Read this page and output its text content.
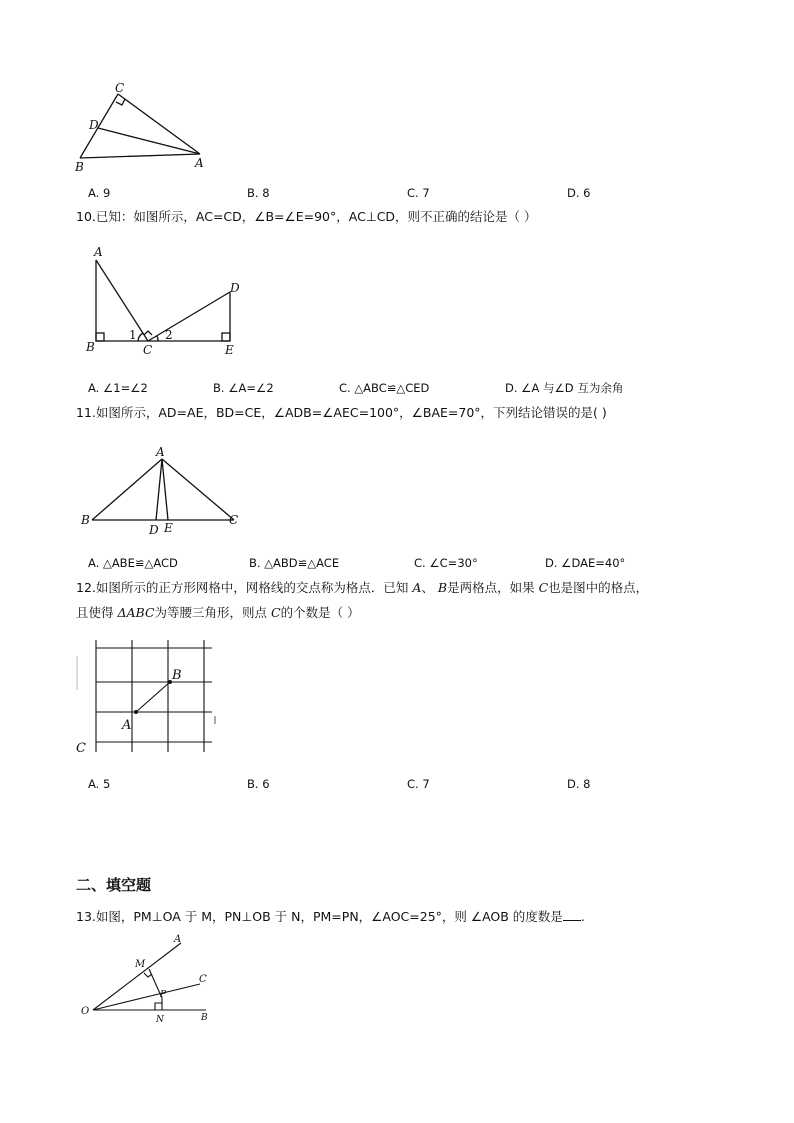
C
D
B	A
A. 9	B. 8	C. 7	D. 6
10.已知：如图所示，AC=CD，∠B=∠E=90°，AC⊥CD，则不正确的结论是（ ）
A
D
B	C	E
1 2
A. ∠1=∠2	B. ∠A=∠2	C. △ABC≌△CED	D. ∠A 与∠D 互为余角
11.如图所示，AD=AE，BD=CE，∠ADB=∠AEC=100°，∠BAE=70°，下列结论错误的是( )
A
B
D E
C
A. △ABE≌△ACD	B. △ABD≌△ACE	C. ∠C=30°	D. ∠DAE=40°
12.如图所示的正方形网格中，网格线的交点称为格点．已知 A、 B是两格点，如果 C也是图中的格点，
且使得 ΔABC为等腰三角形，则点 C的个数是（ ）
B
A
C
A. 5	B. 6	C. 7	D. 8
二、填空题
13.如图，PM⊥OA 于 M，PN⊥OB 于 N，PM=PN，∠AOC=25°，则 ∠AOB 的度数是 .
A
M
C
P
O
N	B
